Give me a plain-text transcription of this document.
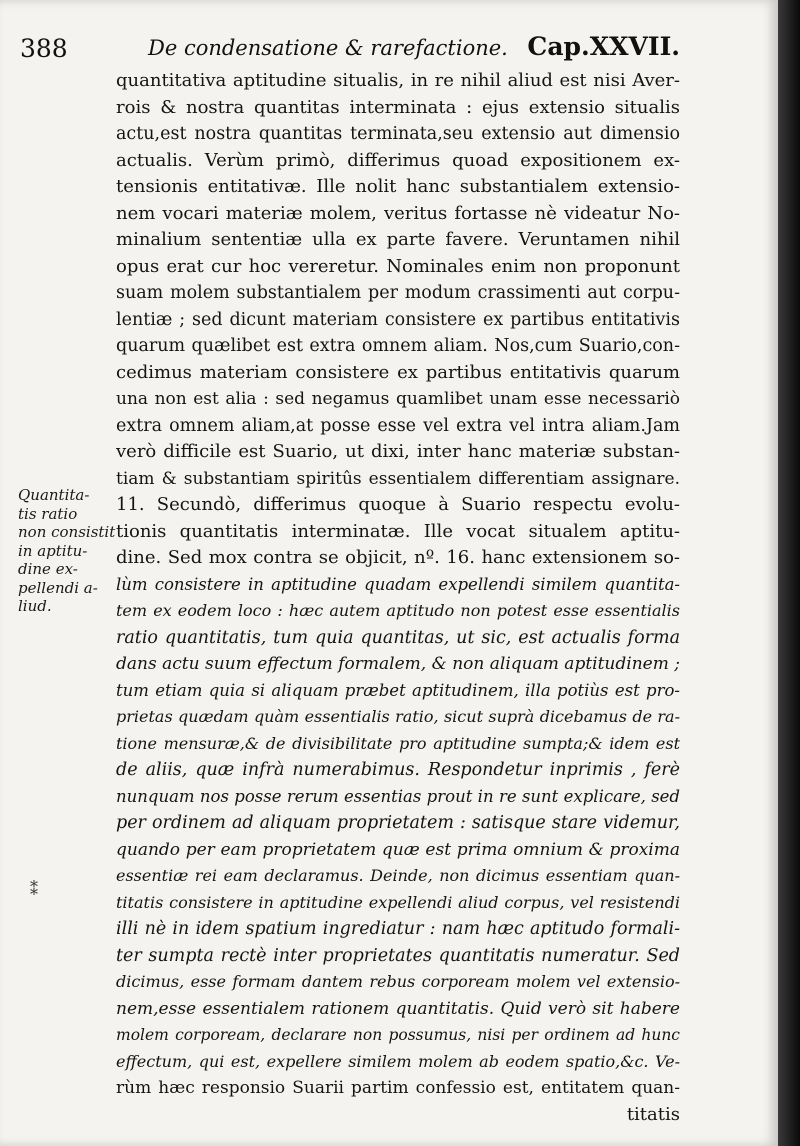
388	De condensatione & rarefactione. Cap.XXVII.
Quantita-
tis ratio
non consistit
in aptitu-
dine ex-
pellendi a-
liud.
quantitativa aptitudine situalis, in re nihil aliud est nisi Aver-
rois & nostra quantitas interminata : ejus extensio situalis
actu,est nostra quantitas terminata,seu extensio aut dimensio
actualis. Verùm primò, differimus quoad expositionem ex-
tensionis entitativæ. Ille nolit hanc substantialem extensio-
nem vocari materiæ molem, veritus fortasse nè videatur No-
minalium sententiæ ulla ex parte favere. Veruntamen nihil
opus erat cur hoc vereretur. Nominales enim non proponunt
suam molem substantialem per modum crassimenti aut corpu-
lentiæ ; sed dicunt materiam consistere ex partibus entitativis
quarum quælibet est extra omnem aliam. Nos,cum Suario,con-
cedimus materiam consistere ex partibus entitativis quarum
una non est alia : sed negamus quamlibet unam esse necessariò
extra omnem aliam,at posse esse vel extra vel intra aliam.Jam
verò difficile est Suario, ut dixi, inter hanc materiæ substan-
tiam & substantiam spiritûs essentialem differentiam assignare.
11. Secundò, differimus quoque à Suario respectu evolu-
tionis quantitatis interminatæ. Ille vocat situalem aptitu-
dine. Sed mox contra se objicit, nº. 16. hanc extensionem so-
lùm consistere in aptitudine quadam expellendi similem quantita-
tem ex eodem loco : hæc autem aptitudo non potest esse essentialis
ratio quantitatis, tum quia quantitas, ut sic, est actualis forma
dans actu suum effectum formalem, & non aliquam aptitudinem ;
tum etiam quia si aliquam præbet aptitudinem, illa potiùs est pro-
prietas quædam quàm essentialis ratio, sicut suprà dicebamus de ra-
tione mensuræ,& de divisibilitate pro aptitudine sumpta;& idem est
de aliis, quæ infrà numerabimus. Respondetur inprimis , ferè
nunquam nos posse rerum essentias prout in re sunt explicare, sed
per ordinem ad aliquam proprietatem : satisque stare videmur,
quando per eam proprietatem quæ est prima omnium & proxima
essentiæ rei eam declaramus. Deinde, non dicimus essentiam quan-
titatis consistere in aptitudine expellendi aliud corpus, vel resistendi
illi nè in idem spatium ingrediatur : nam hæc aptitudo formali-
ter sumpta rectè inter proprietates quantitatis numeratur. Sed
dicimus, esse formam dantem rebus corpoream molem vel extensio-
nem,esse essentialem rationem quantitatis. Quid verò sit habere
molem corpoream, declarare non possumus, nisi per ordinem ad hunc
effectum, qui est, expellere similem molem ab eodem spatio,&c. Ve-
rùm hæc responsio Suarii partim confessio est, entitatem quan-
titatis
⁑
